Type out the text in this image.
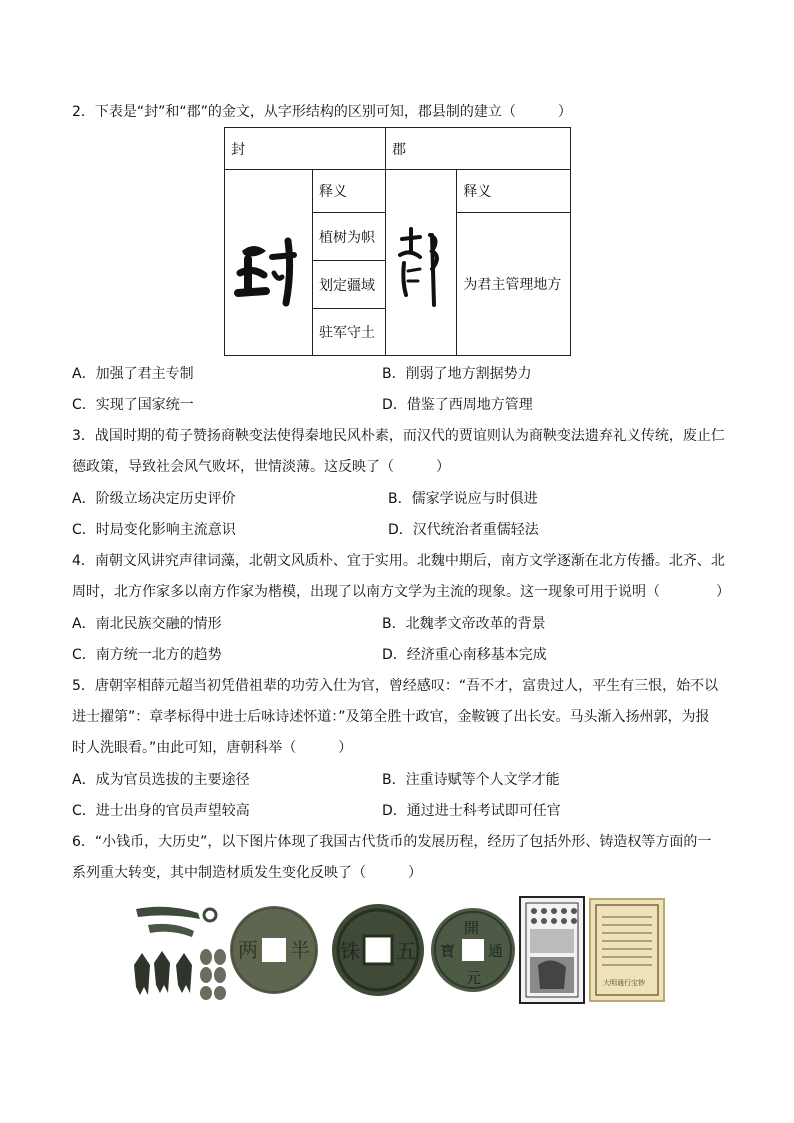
2．下表是“封”和“郡”的金文，从字形结构的区别可知，郡县制的建立（　　　）
封		郡	
	释义		释义
	植树为帜		为君主管理地方
	划定疆域		
	驻军守土		
A．加强了君主专制	B．削弱了地方割据势力
C．实现了国家统一	D．借鉴了西周地方管理
3．战国时期的荀子赞扬商鞅变法使得秦地民风朴素，而汉代的贾谊则认为商鞅变法遗弃礼义传统，废止仁
德政策，导致社会风气败坏，世情淡薄。这反映了（　　　）
A．阶级立场决定历史评价	B．儒家学说应与时俱进
C．时局变化影响主流意识	D．汉代统治者重儒轻法
4．南朝文风讲究声律词藻，北朝文风质朴、宜于实用。北魏中期后，南方文学逐渐在北方传播。北齐、北
周时，北方作家多以南方作家为楷模，出现了以南方文学为主流的现象。这一现象可用于说明（　　　　）
A．南北民族交融的情形	B．北魏孝文帝改革的背景
C．南方统一北方的趋势	D．经济重心南移基本完成
5．唐朝宰相薛元超当初凭借祖辈的功劳入仕为官，曾经感叹：“吾不才，富贵过人，平生有三恨，始不以
进士擢第”：章孝标得中进士后咏诗述怀道：”及第全胜十政官，金鞍镀了出长安。马头渐入扬州郭，为报
时人洗眼看。”由此可知，唐朝科举（　　　）
A．成为官员选拔的主要途径	B．注重诗赋等个人文学才能
C．进士出身的官员声望较高	D．通过进士科考试即可任官
6．“小钱币，大历史”，以下图片体现了我国古代货币的发展历程，经历了包括外形、铸造权等方面的一
系列重大转变，其中制造材质发生变化反映了（　　　）
半
两	五
铢
開
元
通
寶
大明通行宝钞
